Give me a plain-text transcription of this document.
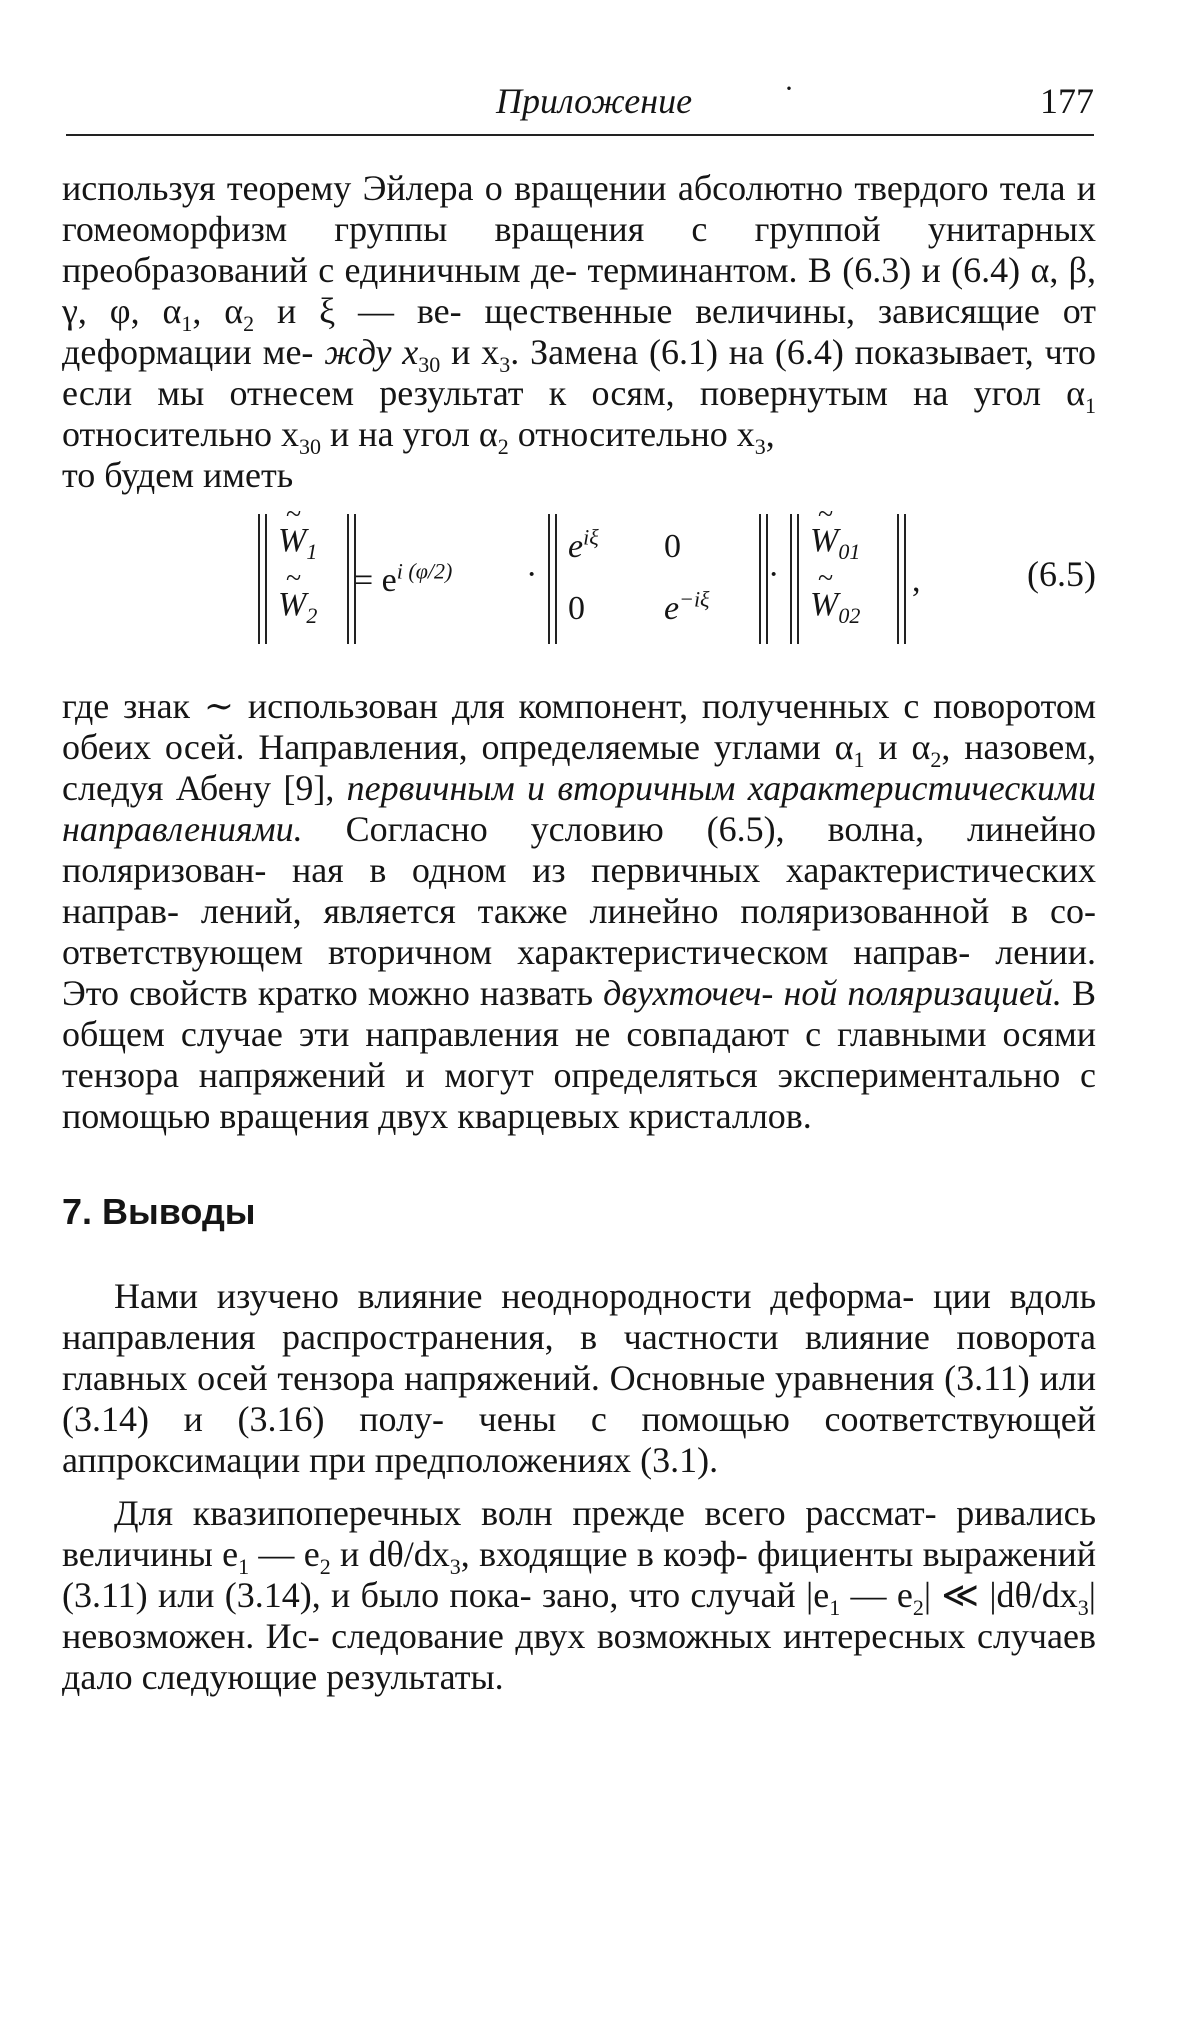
Приложение	·	177

используя теорему Эйлера о вращении абсолютно твердого тела и гомеоморфизм группы вращения с группой унитарных преобразований с единичным де- терминантом. В (6.3) и (6.4) α, β, γ, φ, $\alpha_1$, $\alpha_2$ и ξ — ве- щественные величины, зависящие от деформации ме- жду $x_{30}$ и $x_3$. Замена (6.1) на (6.4) показывает, что если мы отнесем результат к осям, повернутым на угол $\alpha_1$ относительно $x_{30}$ и на угол $\alpha_2$ относительно $x_3$,
то будем иметь

~ $W_1$
~ $W_2$
= $e^{i (\varphi/2)}$ ·
$e^{i\xi}$ 0
0 $e^{-i\xi}$
·
~ $W_{01}$
~ $W_{02}$
,	(6.5)

где знак ∼ использован для компонент, полученных с поворотом обеих осей. Направления, определяемые углами $\alpha_1$ и $\alpha_2$, назовем, следуя Абену [9], первичным и вторичным характеристическими направлениями. Согласно условию (6.5), волна, линейно поляризован- ная в одном из первичных характеристических направ- лений, является также линейно поляризованной в со- ответствующем вторичном характеристическом направ- лении. Это свойств кратко можно назвать двухточеч- ной поляризацией. В общем случае эти направления не совпадают с главными осями тензора напряжений и могут определяться экспериментально с помощью вращения двух кварцевых кристаллов.

7. Выводы

Нами изучено влияние неоднородности деформа- ции вдоль направления распространения, в частности влияние поворота главных осей тензора напряжений. Основные уравнения (3.11) или (3.14) и (3.16) полу- чены с помощью соответствующей аппроксимации при предположениях (3.1).

Для квазипоперечных волн прежде всего рассмат- ривались величины $e_1$ — $e_2$ и $d\theta/dx_3$, входящие в коэф- фициенты выражений (3.11) или (3.14), и было пока- зано, что случай $|e_1$ — $e_2|$ ≪ $|d\theta/dx_3|$ невозможен. Ис- следование двух возможных интересных случаев дало следующие результаты.
